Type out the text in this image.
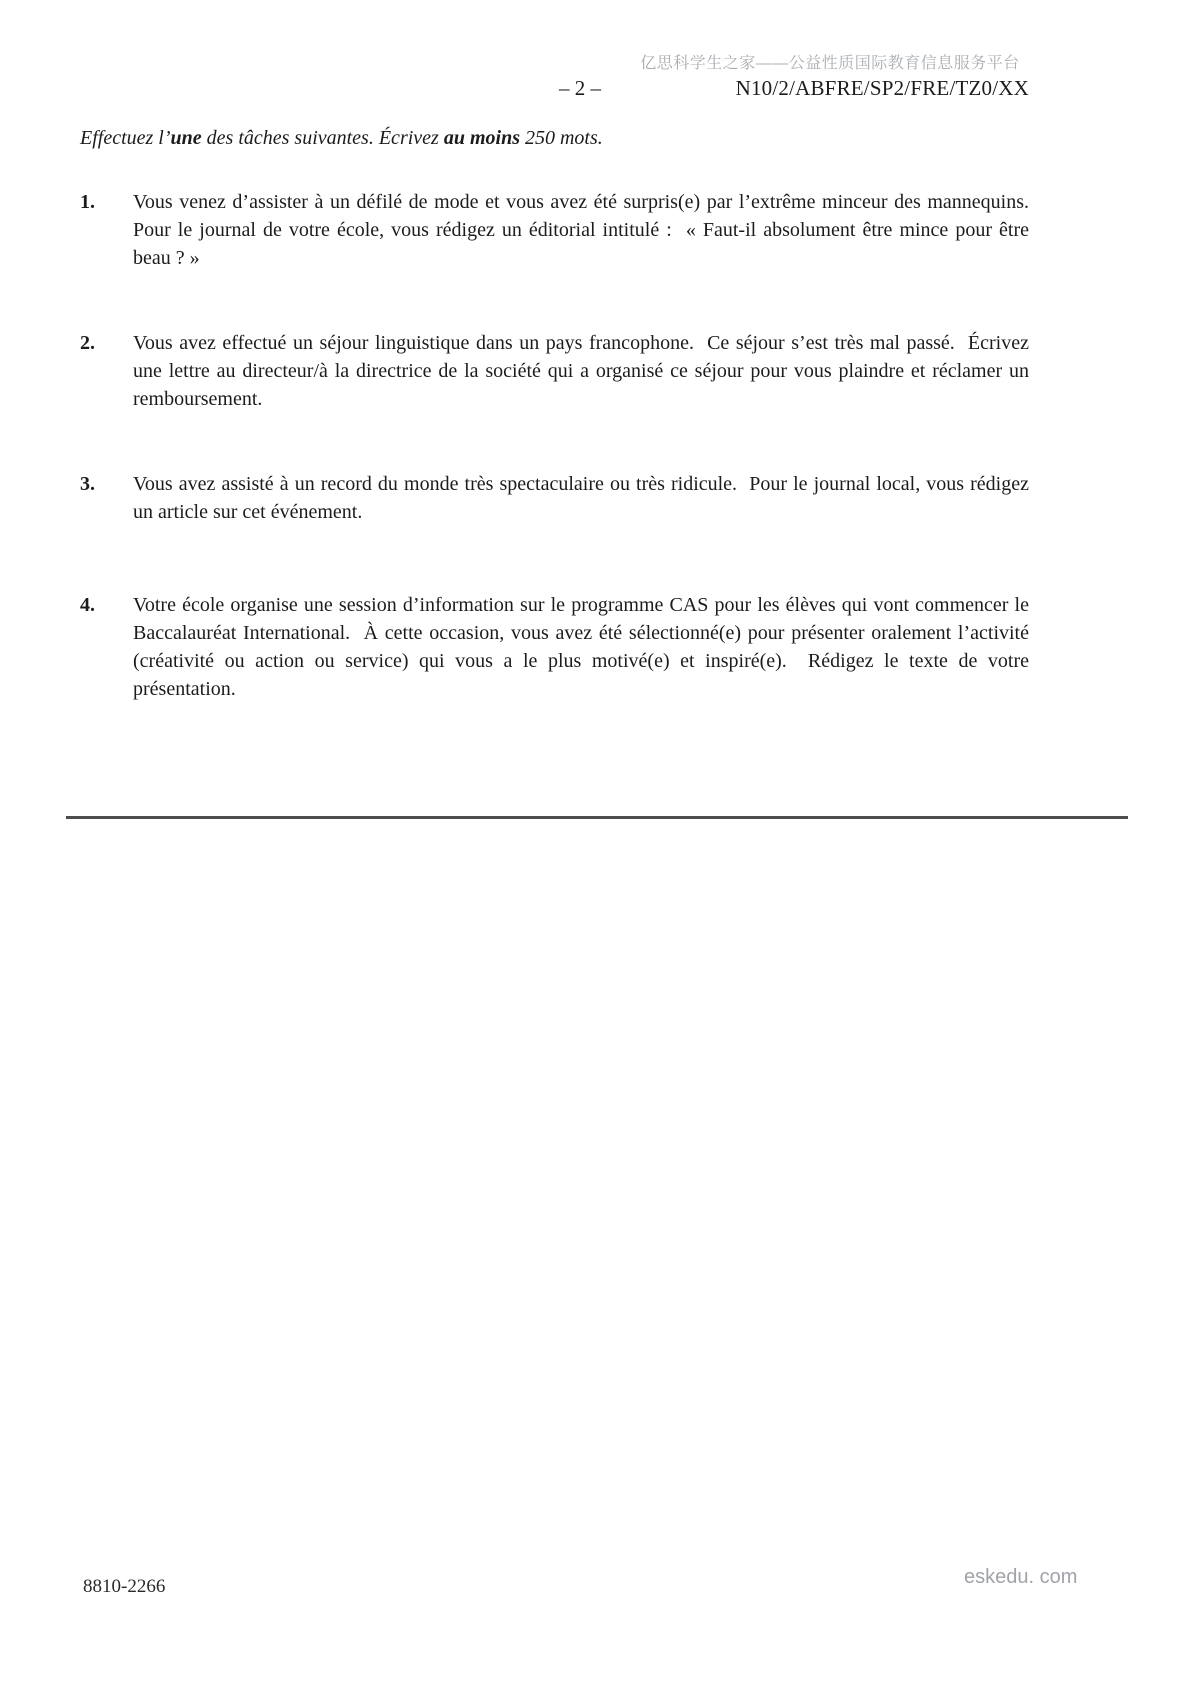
亿思科学生之家——公益性质国际教育信息服务平台
– 2 –	N10/2/ABFRE/SP2/FRE/TZ0/XX
Effectuez l’une des tâches suivantes. Écrivez au moins 250 mots.
1.	Vous venez d’assister à un défilé de mode et vous avez été surpris(e) par l’extrême minceur des mannequins.  Pour le journal de votre école, vous rédigez un éditorial intitulé :  « Faut-il absolument être mince pour être beau ? »
2.	Vous avez effectué un séjour linguistique dans un pays francophone.  Ce séjour s’est très mal passé.  Écrivez une lettre au directeur/à la directrice de la société qui a organisé ce séjour pour vous plaindre et réclamer un remboursement.
3.	Vous avez assisté à un record du monde très spectaculaire ou très ridicule.  Pour le journal local, vous rédigez un article sur cet événement.
4.	Votre école organise une session d’information sur le programme CAS pour les élèves qui vont commencer le Baccalauréat International.  À cette occasion, vous avez été sélectionné(e) pour présenter oralement l’activité (créativité ou action ou service) qui vous a le plus motivé(e) et inspiré(e).  Rédigez le texte de votre présentation.
8810-2266	eskedu. com
